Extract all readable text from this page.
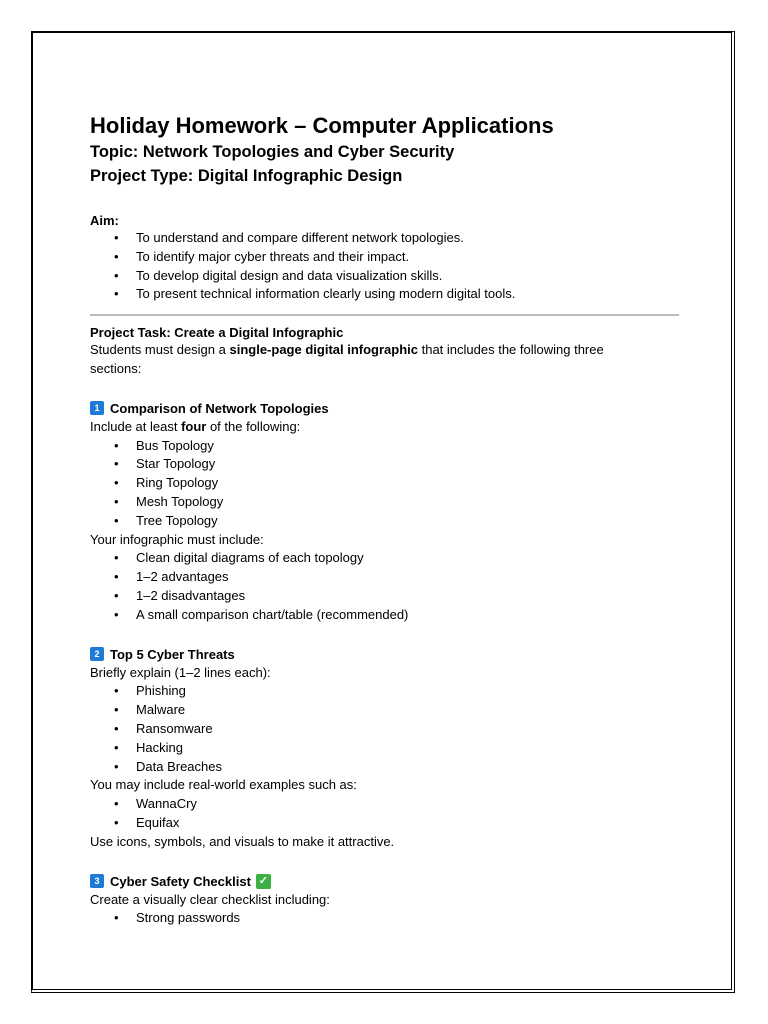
Holiday Homework – Computer Applications
Topic: Network Topologies and Cyber Security
Project Type: Digital Infographic Design

Aim:

• To understand and compare different network topologies.
• To identify major cyber threats and their impact.
• To develop digital design and data visualization skills.
• To present technical information clearly using modern digital tools.

Project Task: Create a Digital Infographic

Students must design a single-page digital infographic that includes the following three sections:

1 Comparison of Network Topologies

Include at least four of the following:

• Bus Topology
• Star Topology
• Ring Topology
• Mesh Topology
• Tree Topology

Your infographic must include:

• Clean digital diagrams of each topology
• 1–2 advantages
• 1–2 disadvantages
• A small comparison chart/table (recommended)

2 Top 5 Cyber Threats

Briefly explain (1–2 lines each):

• Phishing
• Malware
• Ransomware
• Hacking
• Data Breaches

You may include real-world examples such as:

• WannaCry
• Equifax

Use icons, symbols, and visuals to make it attractive.

3 Cyber Safety Checklist ✓

Create a visually clear checklist including:

• Strong passwords
